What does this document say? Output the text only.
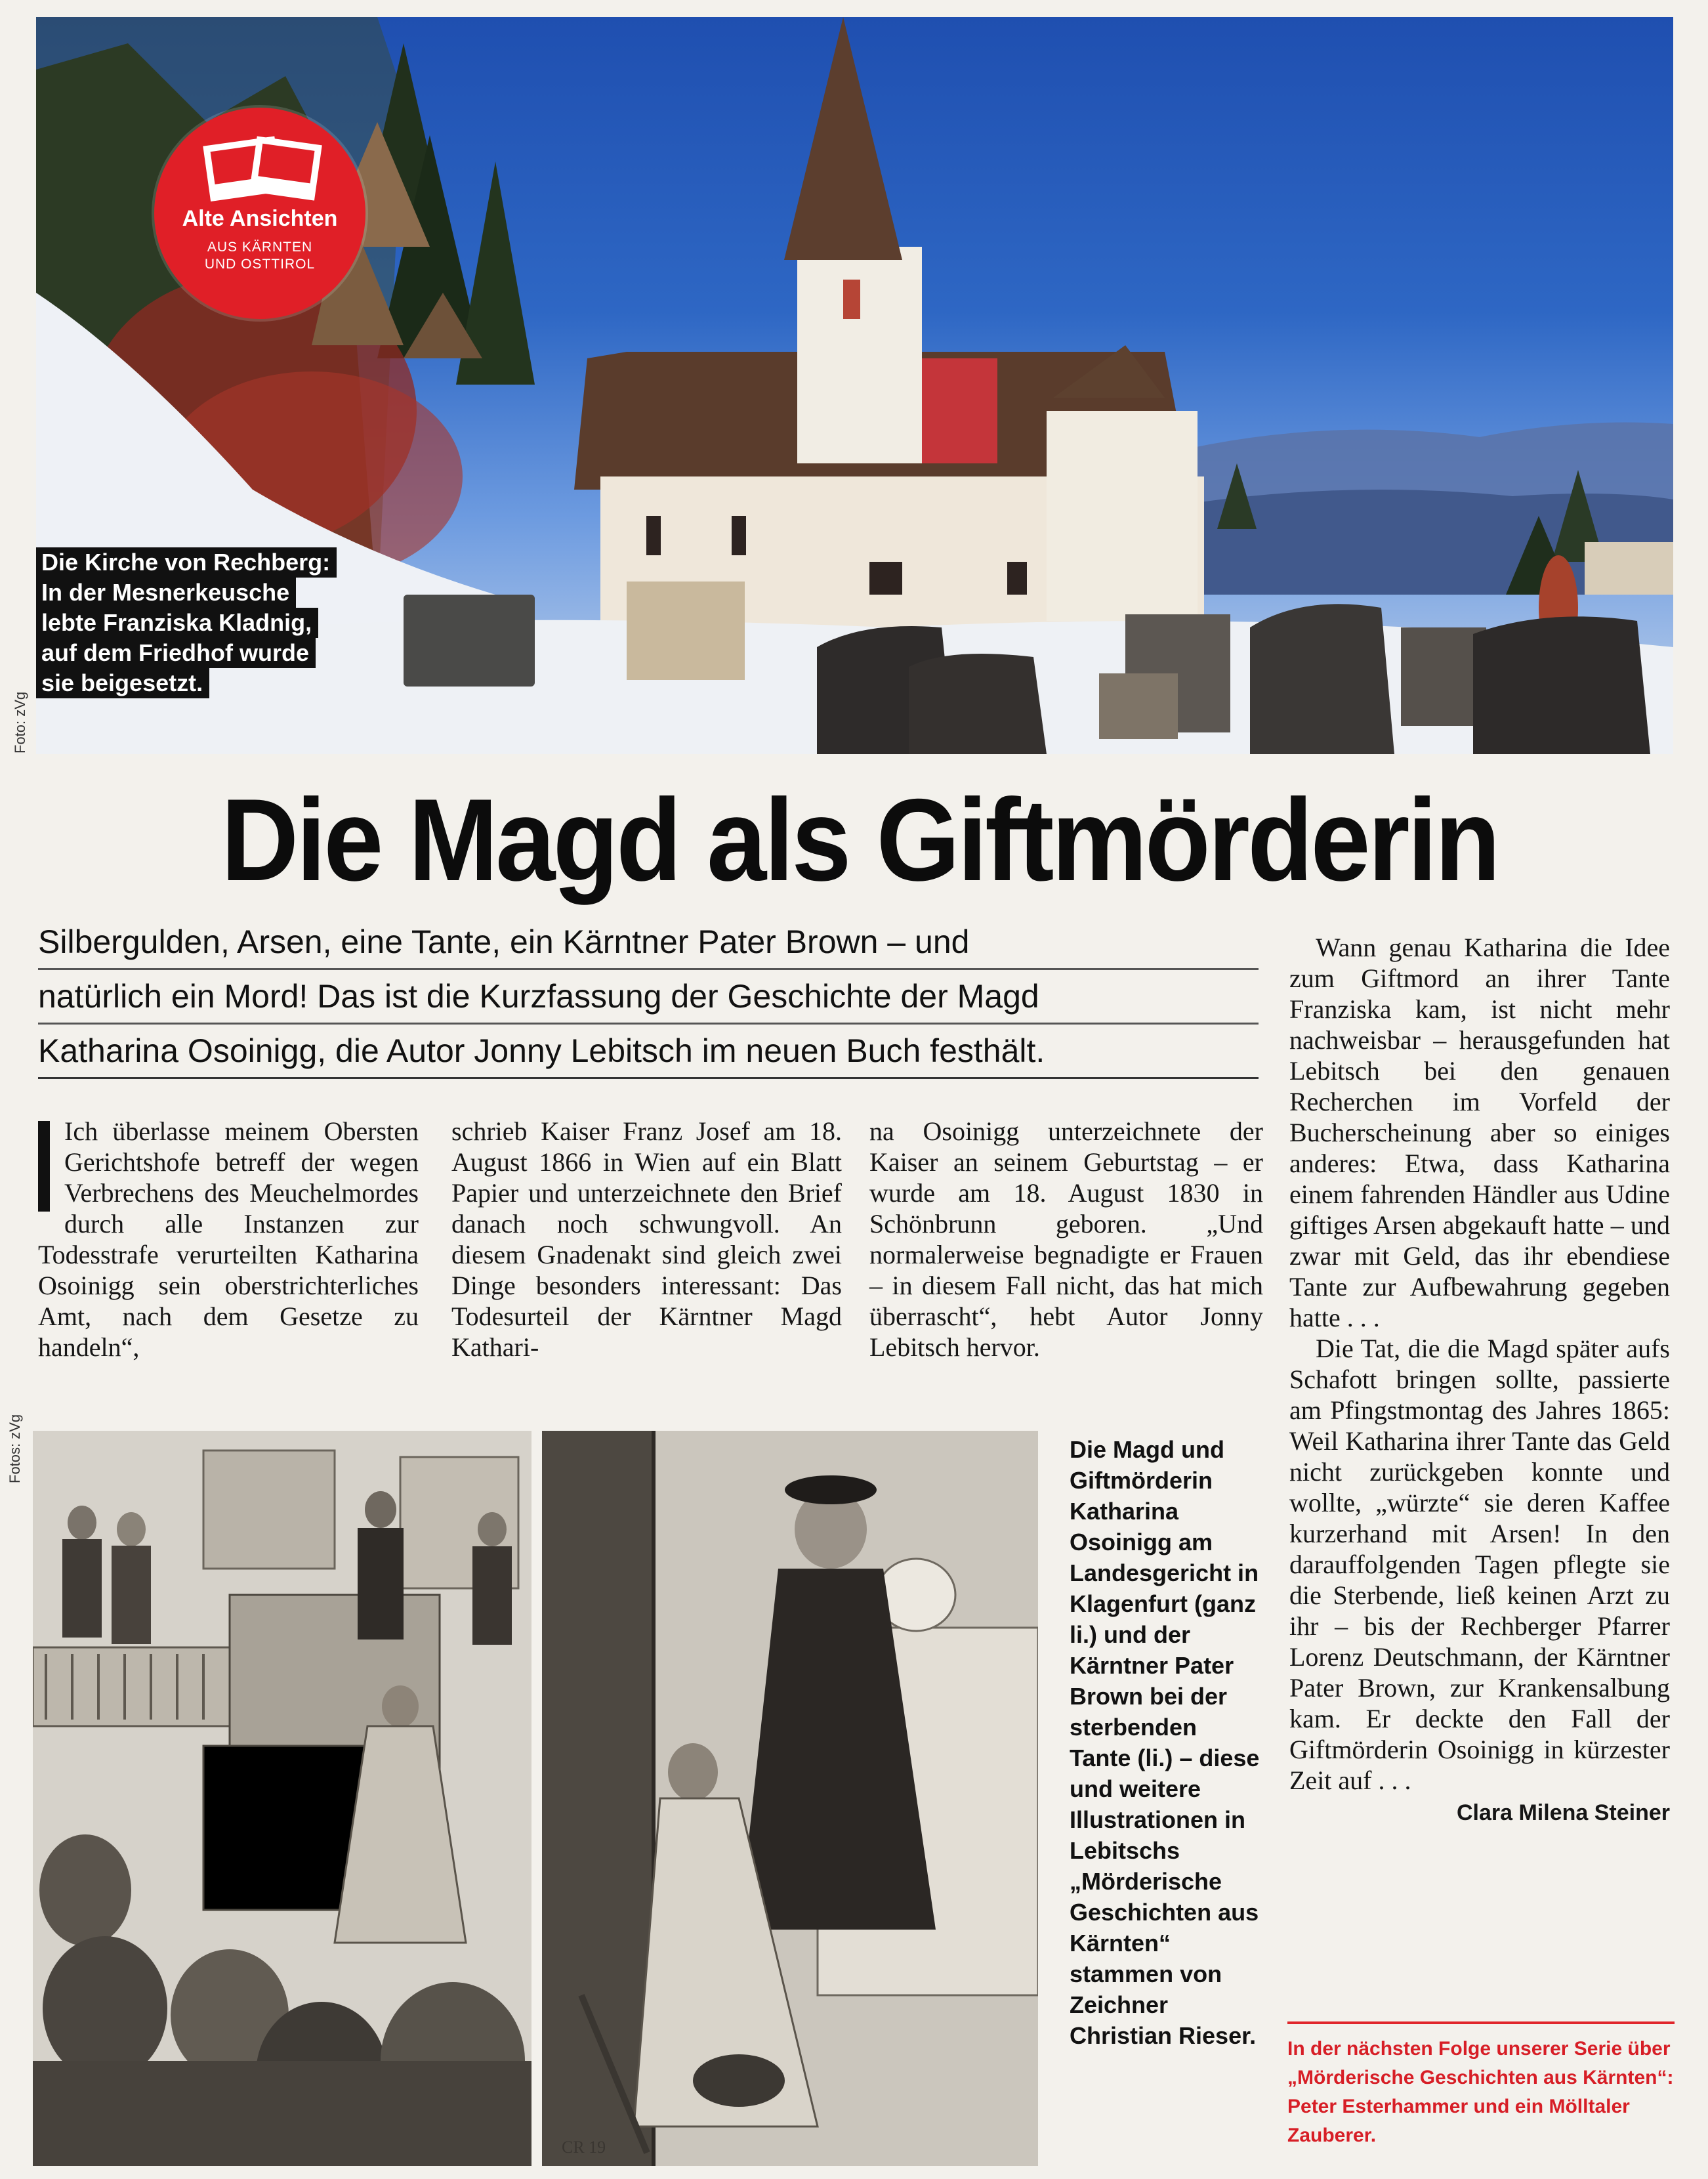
Alte Ansichten
AUS KÄRNTEN
UND OSTTIROL
Die Kirche von Rechberg:
In der Mesnerkeusche
lebte Franziska Kladnig,
auf dem Friedhof wurde
sie beigesetzt.
Foto: zVg
Die Magd als Giftmörderin
Silbergulden, Arsen, eine Tante, ein Kärntner Pater Brown – und
natürlich ein Mord! Das ist die Kurzfassung der Geschichte der Magd
Katharina Osoinigg, die Autor Jonny Lebitsch im neuen Buch festhält.

Ich überlasse meinem Obersten Gerichtshofe betreff der wegen Verbrechens des Meuchelmordes durch alle Instanzen zur Todesstrafe verurteilten Katharina Osoinigg sein oberstrichterliches Amt, nach dem Gesetze zu handeln“,

schrieb Kaiser Franz Josef am 18. August 1866 in Wien auf ein Blatt Papier und unterzeichnete den Brief danach noch schwungvoll. An diesem Gnadenakt sind gleich zwei Dinge besonders interessant: Das Todesurteil der Kärntner Magd Kathari-

na Osoinigg unterzeichnete der Kaiser an seinem Geburtstag – er wurde am 18. August 1830 in Schönbrunn geboren. „Und normalerweise begnadigte er Frauen – in diesem Fall nicht, das hat mich überrascht“, hebt Autor Jonny Lebitsch hervor.

Wann genau Katharina die Idee zum Giftmord an ihrer Tante Franziska kam, ist nicht mehr nachweisbar – herausgefunden hat Lebitsch bei den genauen Recherchen im Vorfeld der Bucherscheinung aber so einiges anderes: Etwa, dass Katharina einem fahrenden Händler aus Udine giftiges Arsen abgekauft hatte – und zwar mit Geld, das ihr ebendiese Tante zur Aufbewahrung gegeben hatte . . .

Die Tat, die die Magd später aufs Schafott bringen sollte, passierte am Pfingstmontag des Jahres 1865: Weil Katharina ihrer Tante das Geld nicht zurückgeben konnte und wollte, „würzte“ sie deren Kaffee kurzerhand mit Arsen! In den darauffolgenden Tagen pflegte sie die Sterbende, ließ keinen Arzt zu ihr – bis der Rechberger Pfarrer Lorenz Deutschmann, der Kärntner Pater Brown, zur Krankensalbung kam. Er deckte den Fall der Giftmörderin Osoinigg in kürzester Zeit auf . . .

Clara Milena Steiner
Fotos: zVg
CR 19
Die Magd und Giftmörderin Katharina Osoinigg am Landesgericht in Klagenfurt (ganz li.) und der Kärntner Pater Brown bei der sterbenden Tante (li.) – diese und weitere Illustrationen in Lebitschs „Mörderische Geschichten aus Kärnten“ stammen von Zeichner Christian Rieser. In der nächsten Folge unserer Serie über „Mörderische Geschichten aus Kärnten“: Peter Esterhammer und ein Mölltaler Zauberer.
